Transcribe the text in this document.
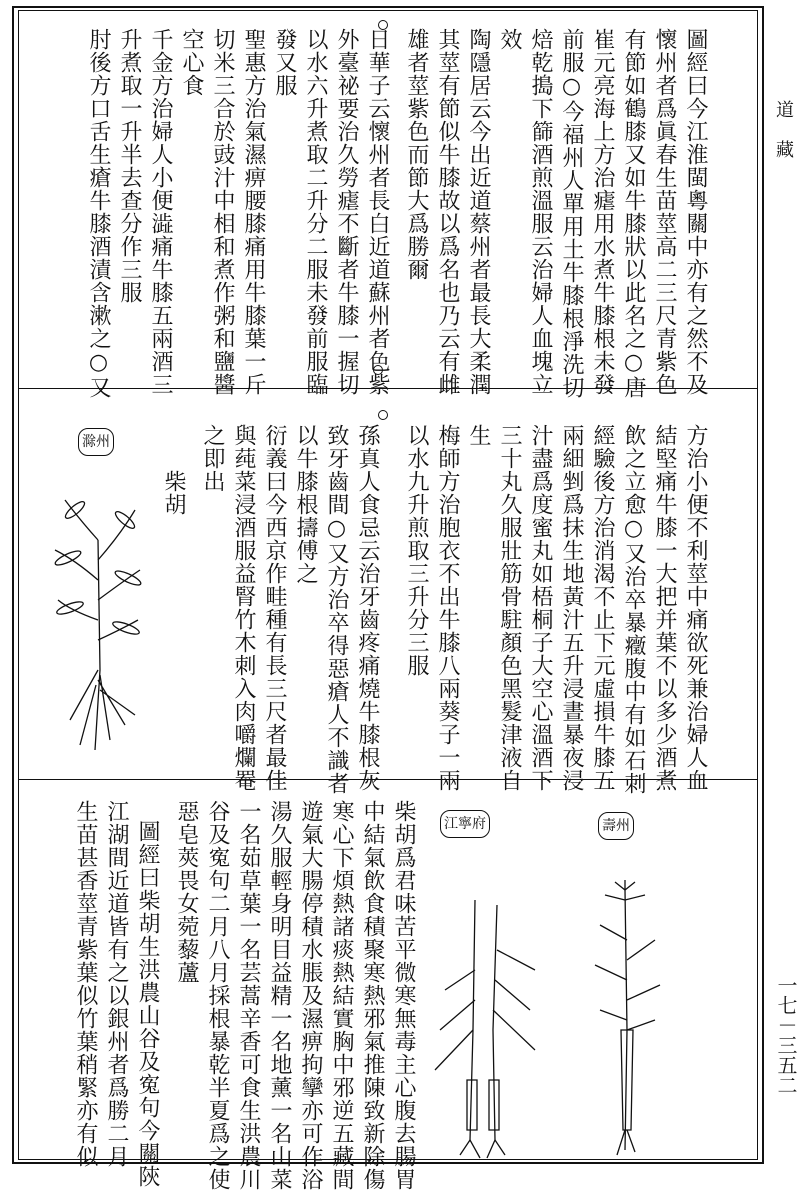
道藏
一七－三五二
圖經曰今江淮閩粵關中亦有之然不及
懷州者爲眞春生苗莖高二三尺青紫色
有節如鶴膝又如牛膝狀以此名之○唐
崔元亮海上方治瘧用水煮牛膝根未發
前服○今福州人單用土牛膝根淨洗切
焙乾搗下篩酒煎溫服云治婦人血塊立
效
陶隱居云今出近道蔡州者最長大柔潤
其莖有節似牛膝故以爲名也乃云有雌
雄者莖紫色而節大爲勝爾
日華子云懷州者長白近道蘇州者色紫
外臺祕要治久勞瘧不斷者牛膝一握切
以水六升煮取二升分二服未發前服臨
發又服
聖惠方治氣濕痹腰膝痛用牛膝葉一斤
切米三合於豉汁中相和煮作粥和鹽醬
空心食
千金方治婦人小便澁痛牛膝五兩酒三
升煮取一升半去查分作三服
肘後方口舌生瘡牛膝酒漬含漱之○又
方治小便不利莖中痛欲死兼治婦人血
結堅痛牛膝一大把并葉不以多少酒煮
飲之立愈○又治卒暴癥腹中有如石刺
經驗後方治消渴不止下元虛損牛膝五
兩細剉爲抹生地黃汁五升浸晝暴夜浸
汁盡爲度蜜丸如梧桐子大空心溫酒下
三十丸久服壯筋骨駐顏色黑髮津液自
生
梅師方治胞衣不出牛膝八兩葵子一兩
以水九升煎取三升分三服
孫真人食忌云治牙齒疼痛燒牛膝根灰
致牙齒間○又方治卒得惡瘡人不識者
以牛膝根擣傅之
衍義曰今西京作畦種有長三尺者最佳
與莼菜浸酒服益腎竹木刺入肉嚼爛罨
之即出
柴胡
滁州
柴胡爲君味苦平微寒無毒主心腹去腸胃
中結氣飲食積聚寒熱邪氣推陳致新除傷
寒心下煩熱諸痰熱結實胸中邪逆五藏間
遊氣大腸停積水脹及濕痹拘攣亦可作浴
湯久服輕身明目益精一名地薰一名山菜
一名茹草葉一名芸蒿辛香可食生洪農川
谷及寃句二月八月採根暴乾半夏爲之使
惡皂莢畏女菀藜蘆
圖經曰柴胡生洪農山谷及寃句今關陝
江湖間近道皆有之以銀州者爲勝二月
生苗甚香莖青紫葉似竹葉稍緊亦有似	江寧府	壽州
